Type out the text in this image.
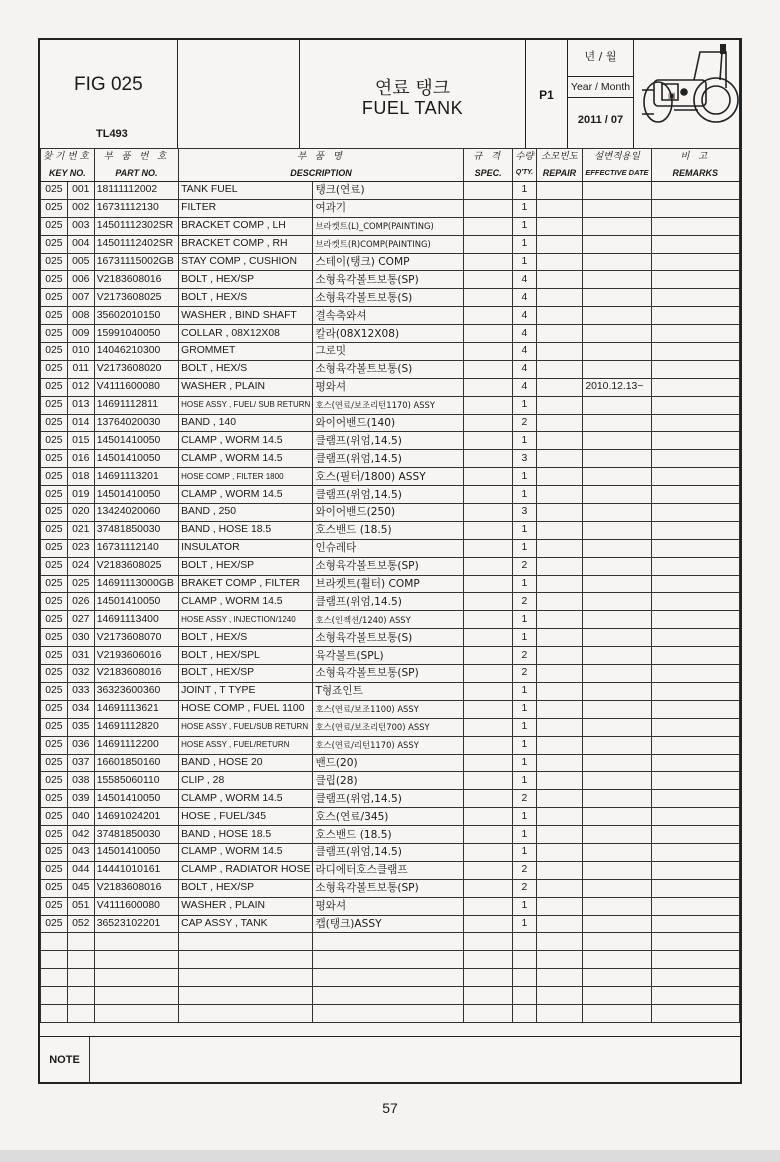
FIG 025
TL493
연료 탱크
FUEL TANK
P1
년 / 월
Year / Month
2011 / 07
▣
찾기번호		부 품 번 호	부 품 명		규 격	수량	소모빈도	설변적용일	비 고
KEY NO.		PART NO.	DESCRIPTION		SPEC.	Q'TY.	REPAIR	EFFECTIVE DATE	REMARKS
025	001	18111112002	TANK FUEL	탱크(연료)		1			
025	002	16731112130	FILTER	여과기		1			
025	003	14501112302SR	BRACKET COMP , LH	브라켓트(L)_COMP(PAINTING)		1			
025	004	14501112402SR	BRACKET COMP , RH	브라켓트(R)COMP(PAINTING)		1			
025	005	16731115002GB	STAY COMP , CUSHION	스테이(탱크) COMP		1			
025	006	V2183608016	BOLT , HEX/SP	소형육각볼트보통(SP)		4			
025	007	V2173608025	BOLT , HEX/S	소형육각볼트보통(S)		4			
025	008	35602010150	WASHER , BIND SHAFT	결속축와셔		4			
025	009	15991040050	COLLAR , 08X12X08	칼라(08X12X08)		4			
025	010	14046210300	GROMMET	그로밋		4			
025	011	V2173608020	BOLT , HEX/S	소형육각볼트보통(S)		4			
025	012	V4111600080	WASHER , PLAIN	평와셔		4		2010.12.13~	
025	013	14691112811	HOSE ASSY , FUEL/ SUB RETURN	호스(연료/보조리턴1170) ASSY		1			
025	014	13764020030	BAND , 140	와이어밴드(140)		2			
025	015	14501410050	CLAMP , WORM 14.5	클램프(위엄,14.5)		1			
025	016	14501410050	CLAMP , WORM 14.5	클램프(위엄,14.5)		3			
025	018	14691113201	HOSE COMP , FILTER 1800	호스(필터/1800) ASSY		1			
025	019	14501410050	CLAMP , WORM 14.5	클램프(위엄,14.5)		1			
025	020	13424020060	BAND , 250	와이어밴드(250)		3			
025	021	37481850030	BAND , HOSE 18.5	호스밴드 (18.5)		1			
025	023	16731112140	INSULATOR	인슈레타		1			
025	024	V2183608025	BOLT , HEX/SP	소형육각볼트보통(SP)		2			
025	025	14691113000GB	BRAKET COMP , FILTER	브라켓트(휠터) COMP		1			
025	026	14501410050	CLAMP , WORM 14.5	클램프(위엄,14.5)		2			
025	027	14691113400	HOSE ASSY , INJECTION/1240	호스(인젝션/1240) ASSY		1			
025	030	V2173608070	BOLT , HEX/S	소형육각볼트보통(S)		1			
025	031	V2193606016	BOLT , HEX/SPL	육각볼트(SPL)		2			
025	032	V2183608016	BOLT , HEX/SP	소형육각볼트보통(SP)		2			
025	033	36323600360	JOINT , T TYPE	T형죠인트		1			
025	034	14691113621	HOSE COMP , FUEL 1100	호스(연료/보조1100) ASSY		1			
025	035	14691112820	HOSE ASSY , FUEL/SUB RETURN	호스(연료/보조리턴700) ASSY		1			
025	036	14691112200	HOSE ASSY , FUEL/RETURN	호스(연료/리턴1170) ASSY		1			
025	037	16601850160	BAND , HOSE 20	밴드(20)		1			
025	038	15585060110	CLIP , 28	클립(28)		1			
025	039	14501410050	CLAMP , WORM 14.5	클램프(위엄,14.5)		2			
025	040	14691024201	HOSE , FUEL/345	호스(연료/345)		1			
025	042	37481850030	BAND , HOSE 18.5	호스밴드 (18.5)		1			
025	043	14501410050	CLAMP , WORM 14.5	클램프(위엄,14.5)		1			
025	044	14441010161	CLAMP , RADIATOR HOSE	라디에터호스클램프		2			
025	045	V2183608016	BOLT , HEX/SP	소형육각볼트보통(SP)		2			
025	051	V4111600080	WASHER , PLAIN	평와셔		1			
025	052	36523102201	CAP ASSY , TANK	캡(탱크)ASSY		1			

NOTE
57
